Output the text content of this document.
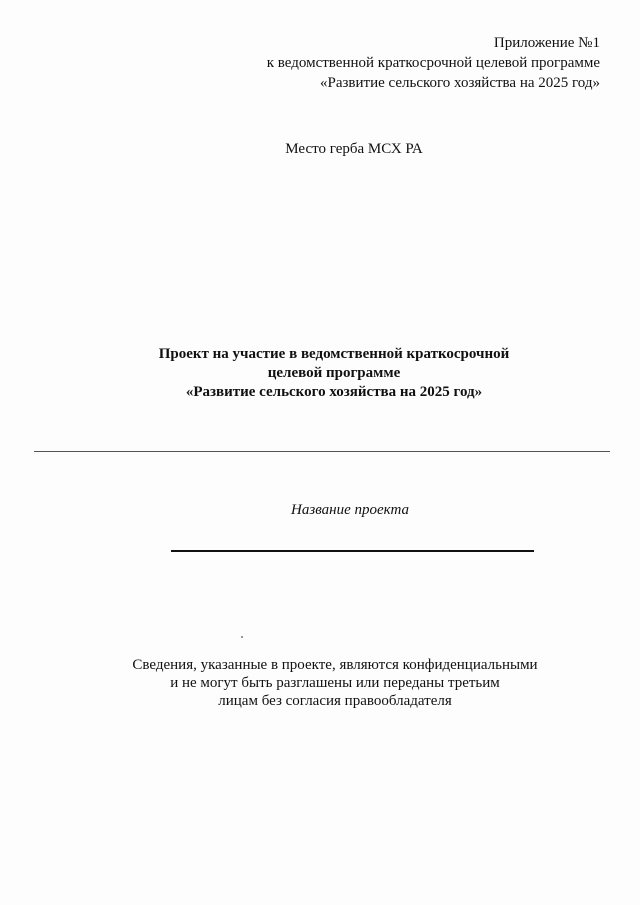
Приложение №1
к ведомственной краткосрочной целевой программе
«Развитие сельского хозяйства на 2025 год»
Место герба МСХ РА
Проект на участие в ведомственной краткосрочной
целевой программе
«Развитие сельского хозяйства на 2025 год»
Название проекта
Сведения, указанные в проекте, являются конфиденциальными
и не могут быть разглашены или переданы третьим
лицам без согласия правообладателя
